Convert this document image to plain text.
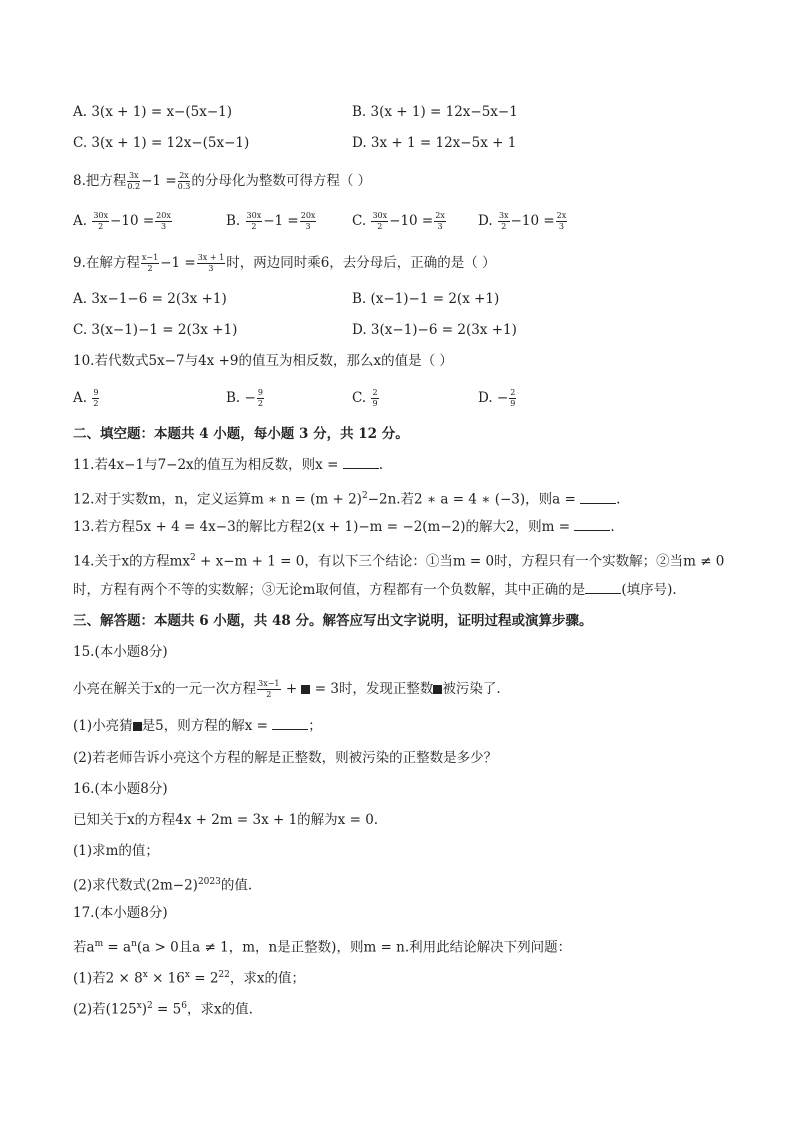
A. 3(x + 1) = x−(5x−1)	B. 3(x + 1) = 12x−5x−1
C. 3(x + 1) = 12x−(5x−1)	D. 3x + 1 = 12x−5x + 1
8.把方程 $\frac{3x}{0.2} -1 = \frac{2x}{0.3}$ 的分母化为整数可得方程（ ）
A. $\frac{30x}{2} -10 = \frac{20x}{3}$	B. $\frac{30x}{2} -1 = \frac{20x}{3}$	C. $\frac{30x}{2} -10 = \frac{2x}{3} D$. $\frac{3x}{2} -10 = \frac{2x}{3}$
9.在解方程 $\frac{x-1}{2} -1 = \frac{3x + 1}{3}$ 时，两边同时乘6，去分母后，正确的是（ ）
A. 3x−1−6 = 2(3x +1)	B. (x−1)−1 = 2(x +1)
C. 3(x−1)−1 = 2(3x +1)	D. 3(x−1)−6 = 2(3x +1)
10.若代数式5x−7与4x +9的值互为相反数，那么x的值是（ ）
A. $\frac{9}{2}$	B. − $\frac{9}{2}$	C. $\frac{2}{9}$	D. − $\frac{2}{9}$
二、填空题：本题共 4 小题，每小题 3 分，共 12 分。
11.若4x−1与7−2x的值互为相反数，则x =	.
12.对于实数m，n，定义运算m ∗ $n = (m + 2)^2-2n$.若2 ∗ a = 4 ∗ (−3)，则a =	.
13.若方程5x + 4 = 4x−3的解比方程2(x + 1)−m = −2(m−2)的解大2，则m =	.
14.关于x的方程$mx^2 + x-m + 1 = 0$，有以下三个结论：①当m = 0时，方程只有一个实数解；②当m ≠ 0
时，方程有两个不等的实数解；③无论m取何值，方程都有一个负数解，其中正确的是	(填序号).
三、解答题：本题共 6 小题，共 48 分。解答应写出文字说明，证明过程或演算步骤。
15.(本小题8分)
小亮在解关于x的一元一次方程 $\frac{3x-1}{2}$ +  = 3时，发现正整数 被污染了.
(1)小亮猜 是5，则方程的解x =	；
(2)若老师告诉小亮这个方程的解是正整数，则被污染的正整数是多少？
16.(本小题8分)
已知关于x的方程4x + 2m = 3x + 1的解为x = 0.
(1)求m的值；
(2)求代数式$(2m-2)^{2023}$的值.
17.(本小题8分)
若$a^m = a^n(a > 0$且a ≠ 1，m，n是正整数)，则m = n.利用此结论解决下列问题：
(1)若$2 \times 8^x \times 16^x = 2^{22}$，求x的值；
(2)若$(125^x)^2 = 5^6$，求x的值.
